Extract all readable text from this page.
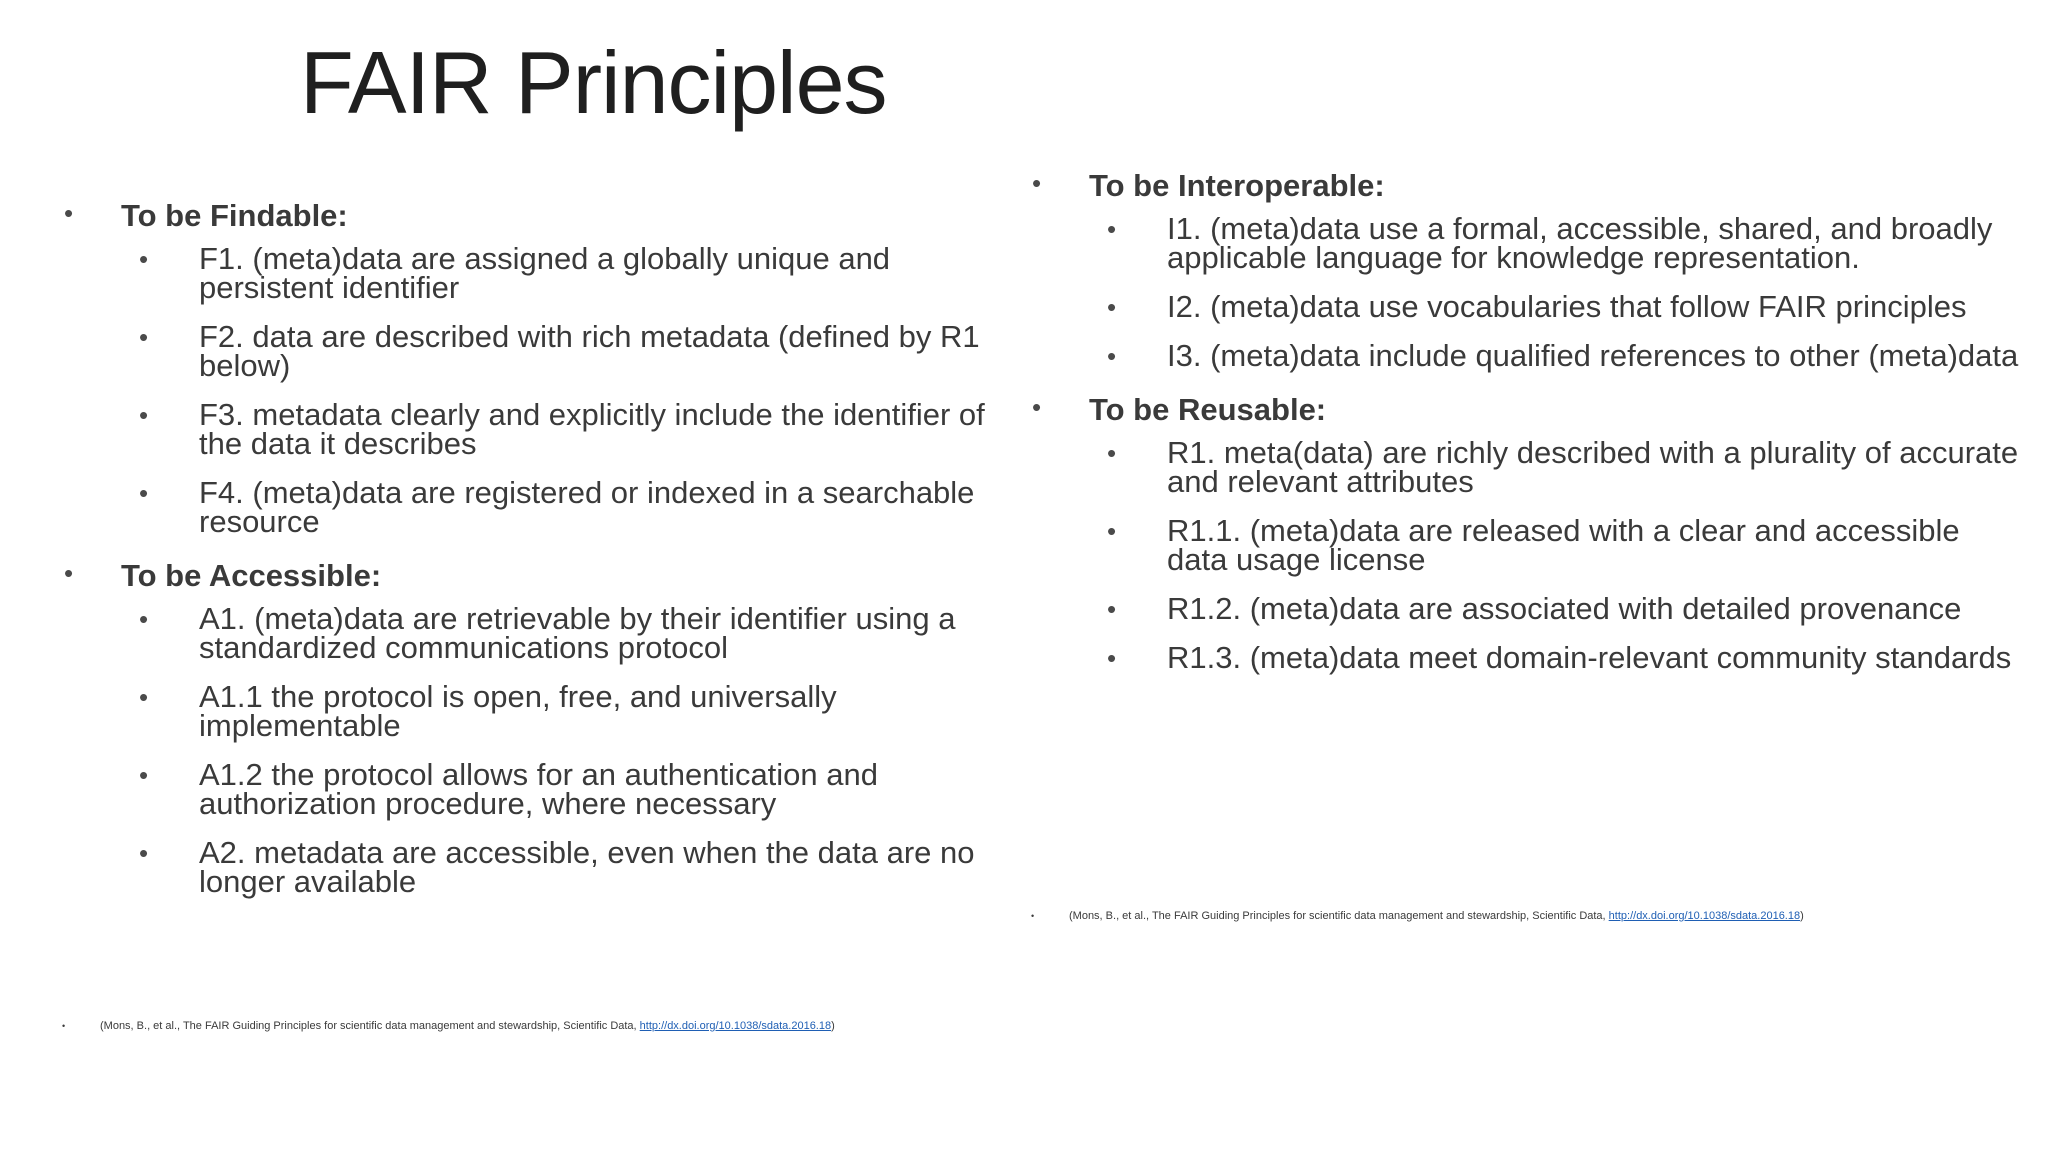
FAIR Principles
• To be Findable:
• F1. (meta)data are assigned a globally unique and persistent identifier
• F2. data are described with rich metadata (defined by R1 below)
• F3. metadata clearly and explicitly include the identifier of the data it describes
• F4. (meta)data are registered or indexed in a searchable resource
• To be Accessible:
• A1. (meta)data are retrievable by their identifier using a standardized communications protocol
• A1.1 the protocol is open, free, and universally implementable
• A1.2 the protocol allows for an authentication and authorization procedure, where necessary
• A2. metadata are accessible, even when the data are no longer available
• To be Interoperable:
• I1. (meta)data use a formal, accessible, shared, and broadly applicable language for knowledge representation.
• I2. (meta)data use vocabularies that follow FAIR principles
• I3. (meta)data include qualified references to other (meta)data
• To be Reusable:
• R1. meta(data) are richly described with a plurality of accurate and relevant attributes
• R1.1. (meta)data are released with a clear and accessible data usage license
• R1.2. (meta)data are associated with detailed provenance
• R1.3. (meta)data meet domain-relevant community standards
•	(Mons, B., et al., The FAIR Guiding Principles for scientific data management and stewardship, Scientific Data, http://dx.doi.org/10.1038/sdata.2016.18)
•	(Mons, B., et al., The FAIR Guiding Principles for scientific data management and stewardship, Scientific Data, http://dx.doi.org/10.1038/sdata.2016.18)
